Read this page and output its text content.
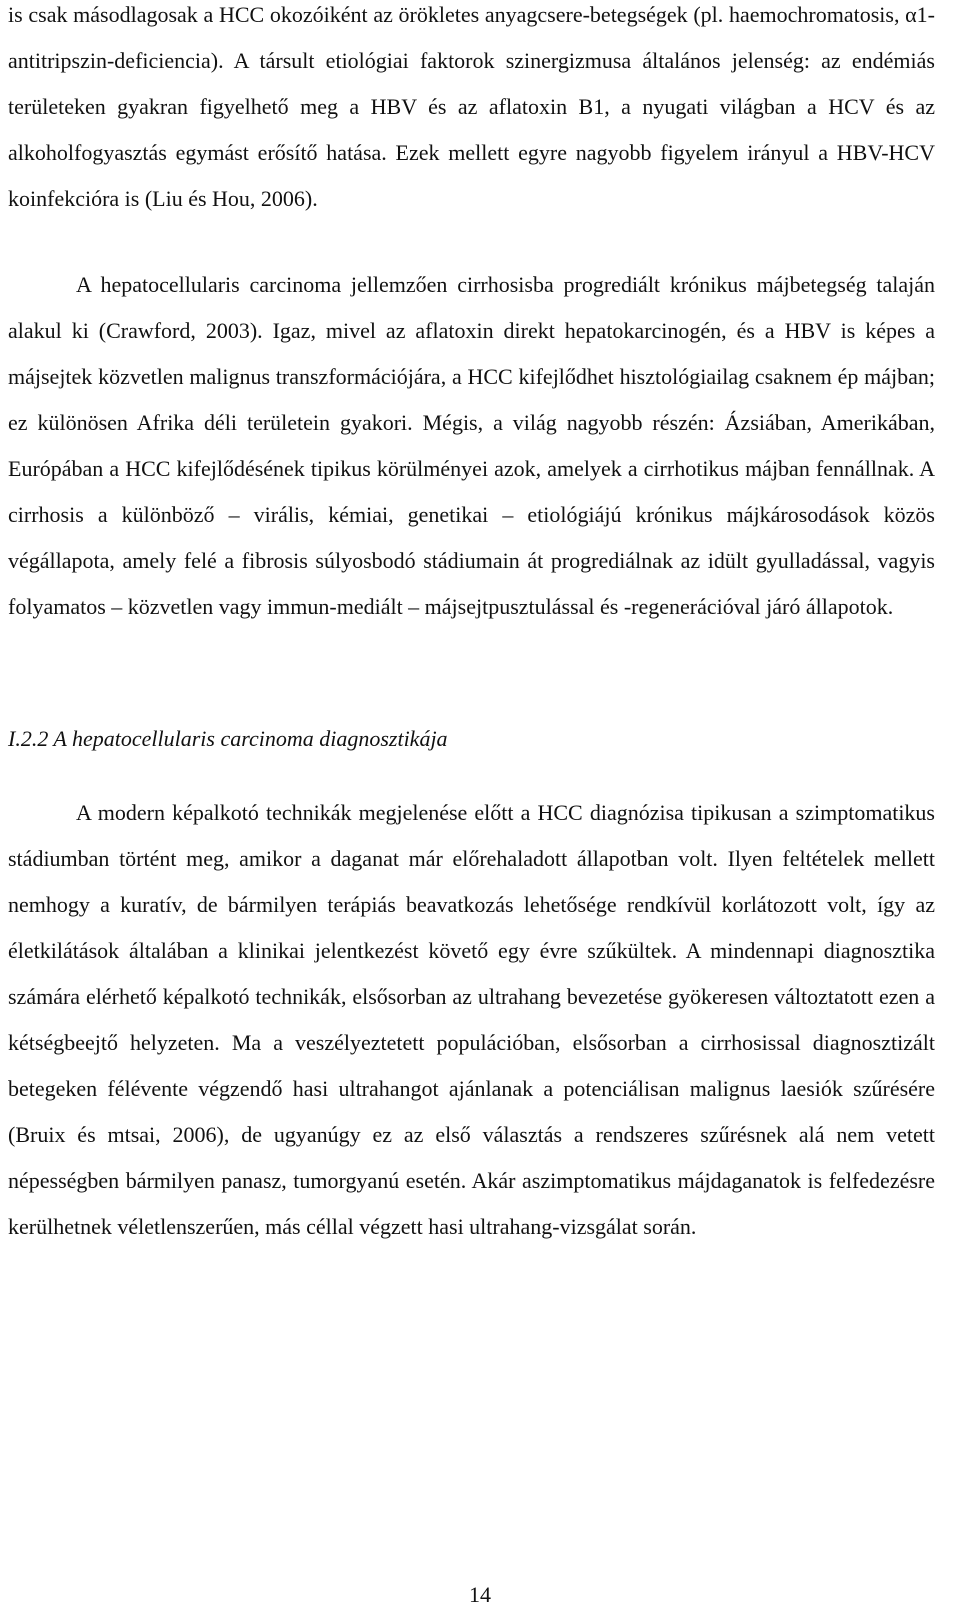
is csak másodlagosak a HCC okozóiként az örökletes anyagcsere-betegségek (pl. haemochromatosis, α1-antitripszin-deficiencia). A társult etiológiai faktorok szinergizmusa általános jelenség: az endémiás területeken gyakran figyelhető meg a HBV és az aflatoxin B1, a nyugati világban a HCV és az alkoholfogyasztás egymást erősítő hatása. Ezek mellett egyre nagyobb figyelem irányul a HBV-HCV koinfekcióra is (Liu és Hou, 2006).

A hepatocellularis carcinoma jellemzően cirrhosisba progrediált krónikus májbetegség talaján alakul ki (Crawford, 2003). Igaz, mivel az aflatoxin direkt hepatokarcinogén, és a HBV is képes a májsejtek közvetlen malignus transzformációjára, a HCC kifejlődhet hisztológiailag csaknem ép májban; ez különösen Afrika déli területein gyakori. Mégis, a világ nagyobb részén: Ázsiában, Amerikában, Európában a HCC kifejlődésének tipikus körülményei azok, amelyek a cirrhotikus májban fennállnak. A cirrhosis a különböző – virális, kémiai, genetikai – etiológiájú krónikus májkárosodások közös végállapota, amely felé a fibrosis súlyosbodó stádiumain át progrediálnak az idült gyulladással, vagyis folyamatos – közvetlen vagy immun-mediált – májsejtpusztulással és -regenerációval járó állapotok.

I.2.2 A hepatocellularis carcinoma diagnosztikája

A modern képalkotó technikák megjelenése előtt a HCC diagnózisa tipikusan a szimptomatikus stádiumban történt meg, amikor a daganat már előrehaladott állapotban volt. Ilyen feltételek mellett nemhogy a kuratív, de bármilyen terápiás beavatkozás lehetősége rendkívül korlátozott volt, így az életkilátások általában a klinikai jelentkezést követő egy évre szűkültek. A mindennapi diagnosztika számára elérhető képalkotó technikák, elsősorban az ultrahang bevezetése gyökeresen változtatott ezen a kétségbeejtő helyzeten. Ma a veszélyeztetett populációban, elsősorban a cirrhosissal diagnosztizált betegeken félévente végzendő hasi ultrahangot ajánlanak a potenciálisan malignus laesiók szűrésére (Bruix és mtsai, 2006), de ugyanúgy ez az első választás a rendszeres szűrésnek alá nem vetett népességben bármilyen panasz, tumorgyanú esetén. Akár aszimptomatikus májdaganatok is felfedezésre kerülhetnek véletlenszerűen, más céllal végzett hasi ultrahang-vizsgálat során.

14
